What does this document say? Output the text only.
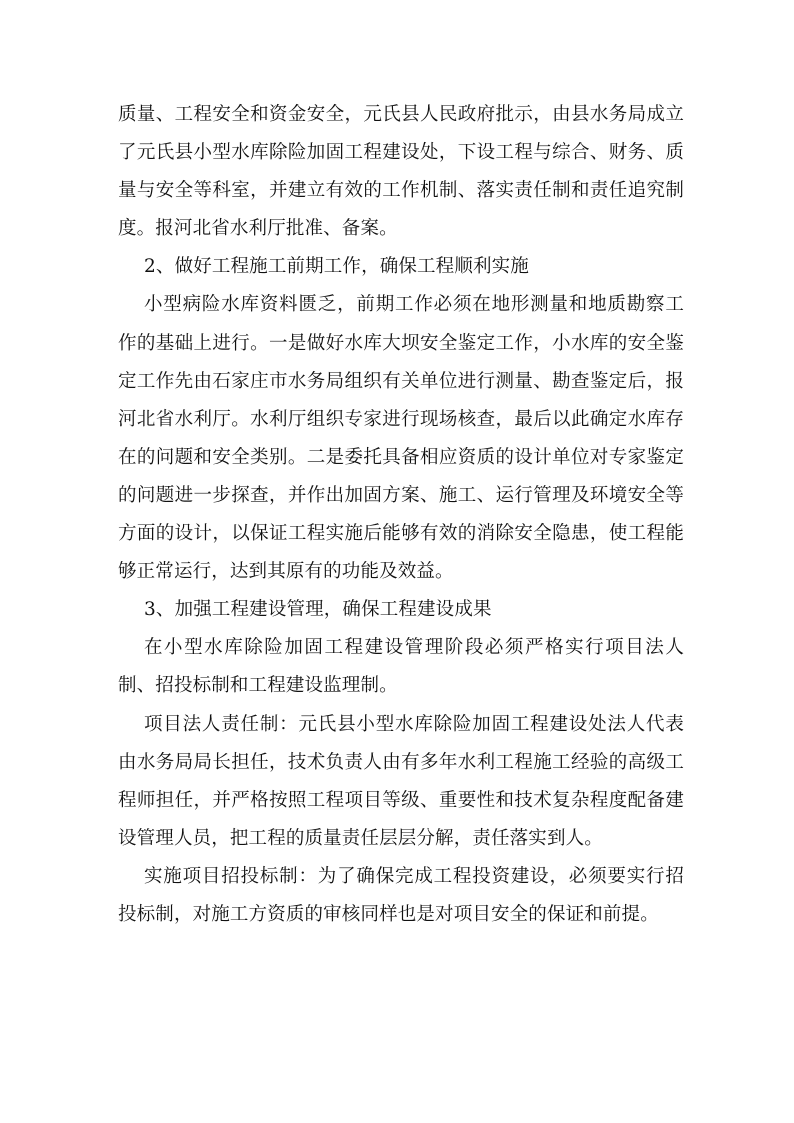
质量、工程安全和资金安全，元氏县人民政府批示，由县水务局成立了元氏县小型水库除险加固工程建设处，下设工程与综合、财务、质量与安全等科室，并建立有效的工作机制、落实责任制和责任追究制度。报河北省水利厅批准、备案。

2、做好工程施工前期工作，确保工程顺利实施

小型病险水库资料匮乏，前期工作必须在地形测量和地质勘察工作的基础上进行。一是做好水库大坝安全鉴定工作，小水库的安全鉴定工作先由石家庄市水务局组织有关单位进行测量、勘查鉴定后，报河北省水利厅。水利厅组织专家进行现场核查，最后以此确定水库存在的问题和安全类别。二是委托具备相应资质的设计单位对专家鉴定的问题进一步探查，并作出加固方案、施工、运行管理及环境安全等方面的设计，以保证工程实施后能够有效的消除安全隐患，使工程能够正常运行，达到其原有的功能及效益。

3、加强工程建设管理，确保工程建设成果

在小型水库除险加固工程建设管理阶段必须严格实行项目法人制、招投标制和工程建设监理制。

项目法人责任制：元氏县小型水库除险加固工程建设处法人代表由水务局局长担任，技术负责人由有多年水利工程施工经验的高级工程师担任，并严格按照工程项目等级、重要性和技术复杂程度配备建设管理人员，把工程的质量责任层层分解，责任落实到人。

实施项目招投标制：为了确保完成工程投资建设，必须要实行招投标制，对施工方资质的审核同样也是对项目安全的保证和前提。
